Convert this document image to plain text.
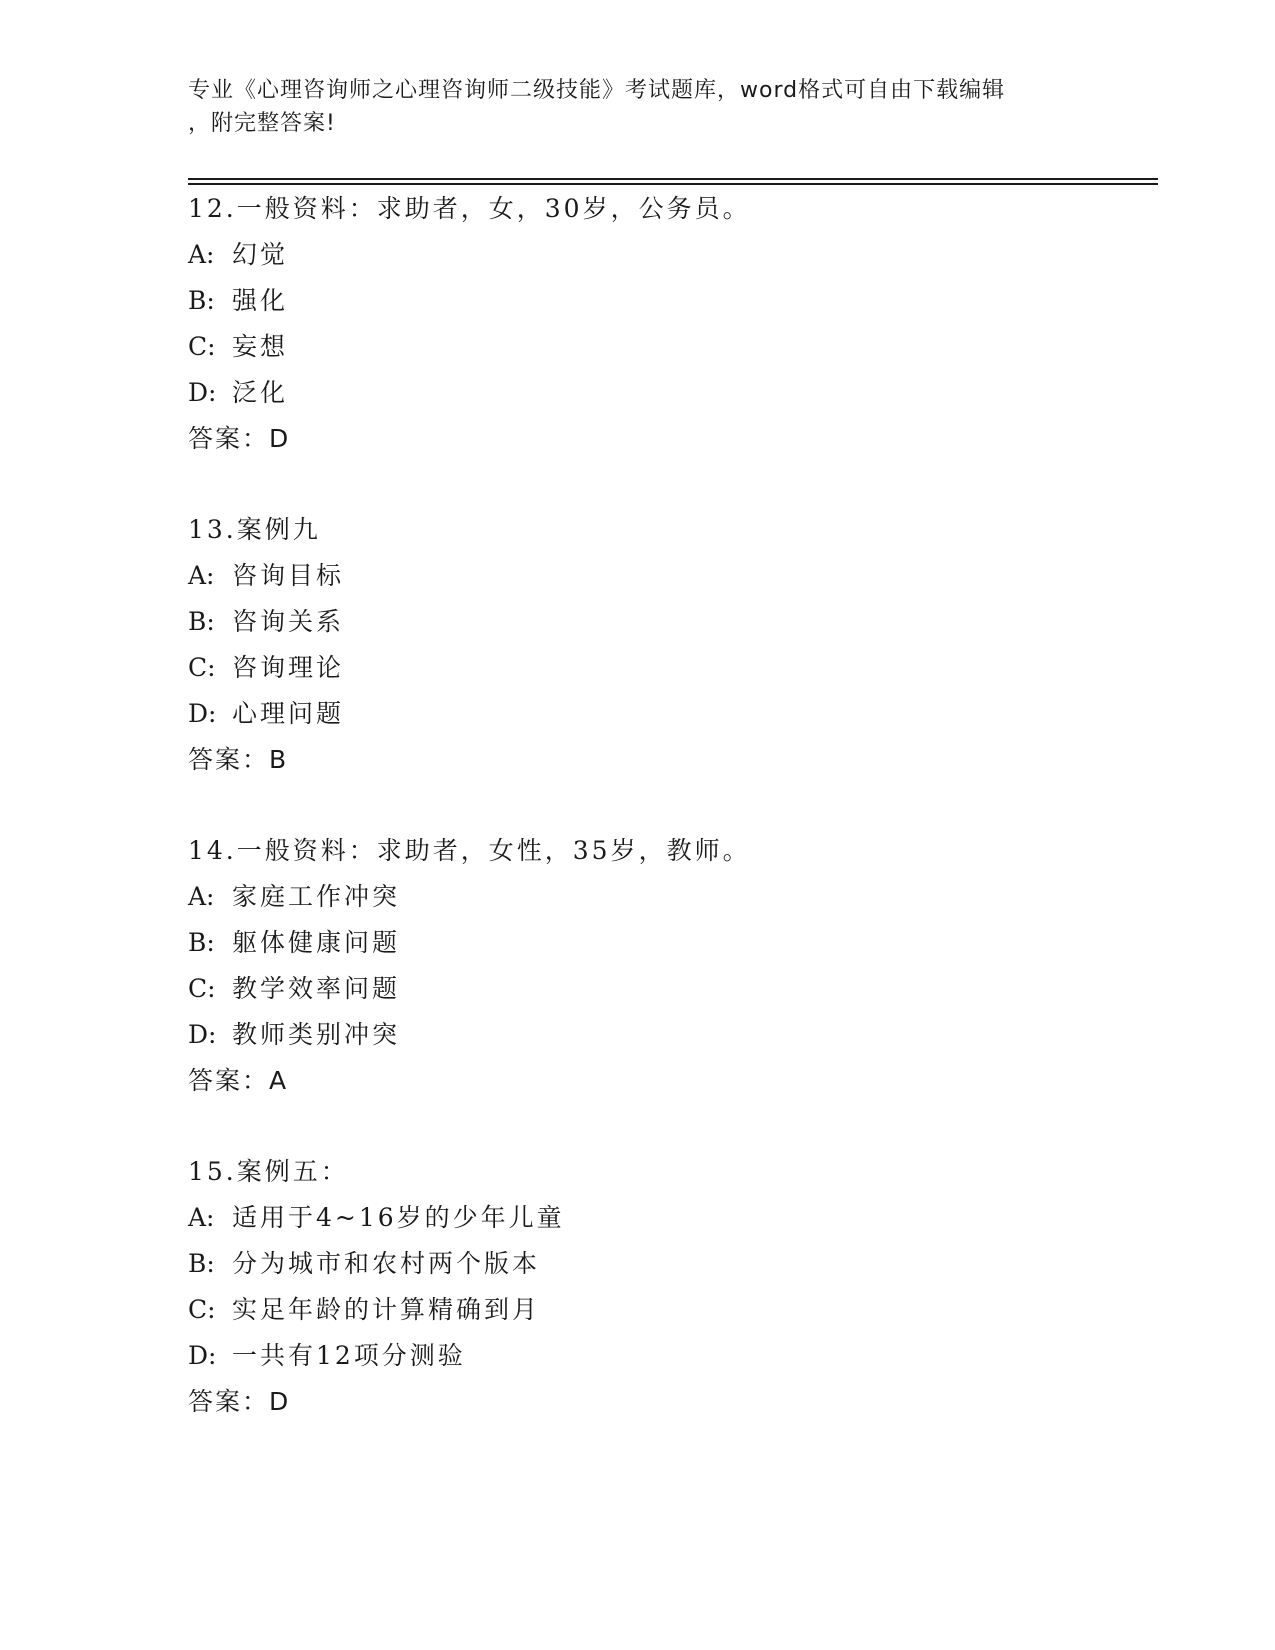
专业《心理咨询师之心理咨询师二级技能》考试题库，word格式可自由下载编辑
，附完整答案!
12.一般资料：求助者，女，30岁，公务员。
A: 幻觉
B: 强化
C: 妄想
D: 泛化
答案：D
13.案例九
A: 咨询目标
B: 咨询关系
C: 咨询理论
D: 心理问题
答案：B
14.一般资料：求助者，女性，35岁，教师。
A: 家庭工作冲突
B: 躯体健康问题
C: 教学效率问题
D: 教师类别冲突
答案：A
15.案例五：
A: 适用于4~16岁的少年儿童
B: 分为城市和农村两个版本
C: 实足年龄的计算精确到月
D: 一共有12项分测验
答案：D
